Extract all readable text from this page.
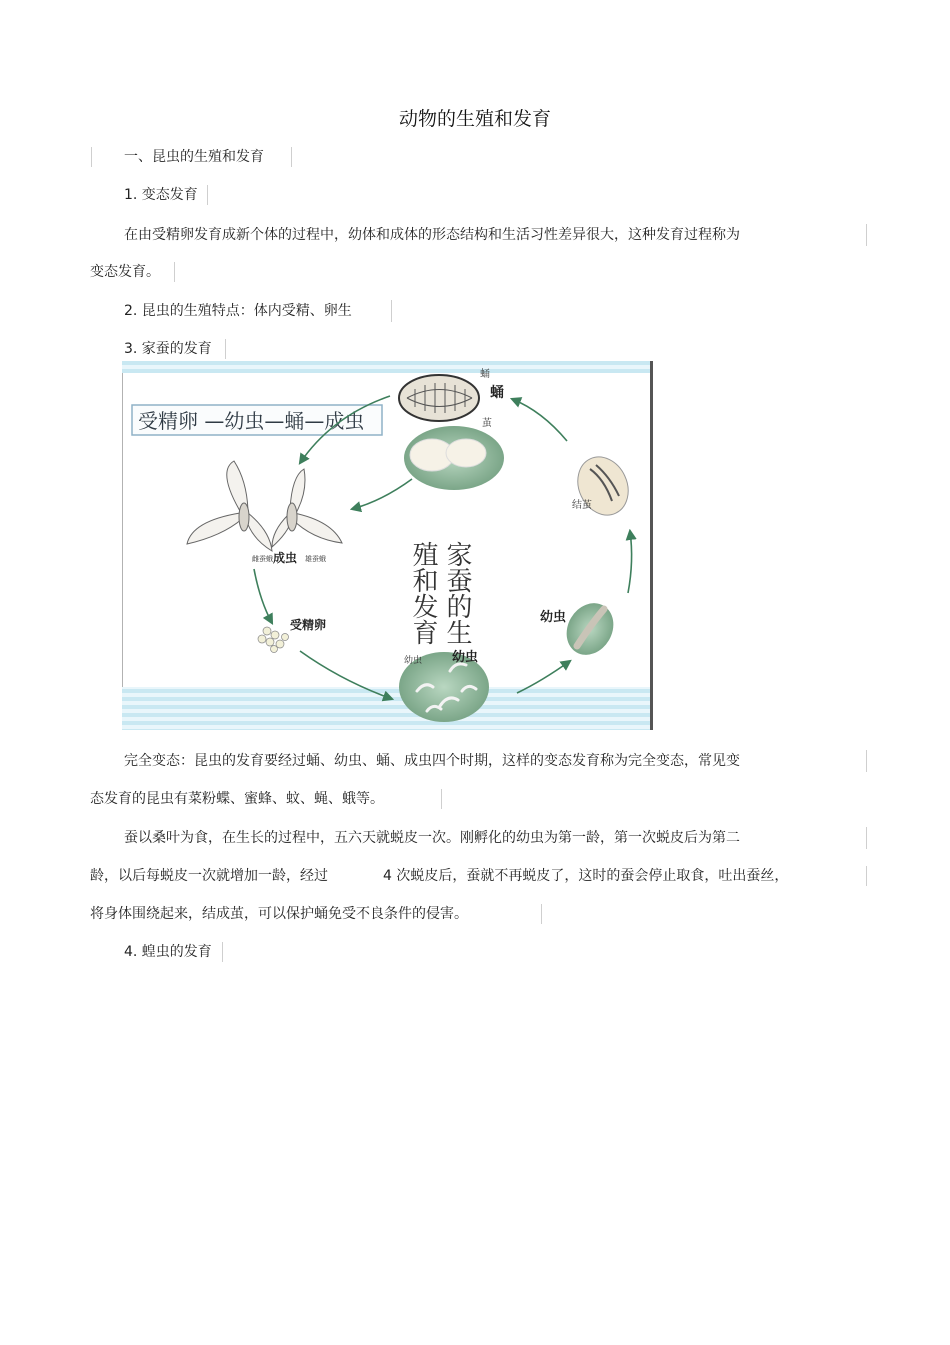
动物的生殖和发育
一、昆虫的生殖和发育
1. 变态发育
在由受精卵发育成新个体的过程中，幼体和成体的形态结构和生活习性差异很大，这种发育过程称为
变态发育。
2. 昆虫的生殖特点：体内受精、卵生
3. 家蚕的发育
受精卵 —幼虫—蛹—成虫
蛹
蛹
茧
结茧
幼虫
幼虫 幼虫
受精卵
雌蚕蛾 成虫 雄蚕蛾	家蚕的生
殖和发育
完全变态：昆虫的发育要经过蛹、幼虫、蛹、成虫四个时期，这样的变态发育称为完全变态，常见变
态发育的昆虫有菜粉蝶、蜜蜂、蚊、蝇、蛾等。
蚕以桑叶为食，在生长的过程中，五六天就蜕皮一次。刚孵化的幼虫为第一龄，第一次蜕皮后为第二
龄，以后每蜕皮一次就增加一龄，经过	4 次蜕皮后，蚕就不再蜕皮了，这时的蚕会停止取食，吐出蚕丝，
将身体围绕起来，结成茧，可以保护蛹免受不良条件的侵害。
4. 蝗虫的发育
